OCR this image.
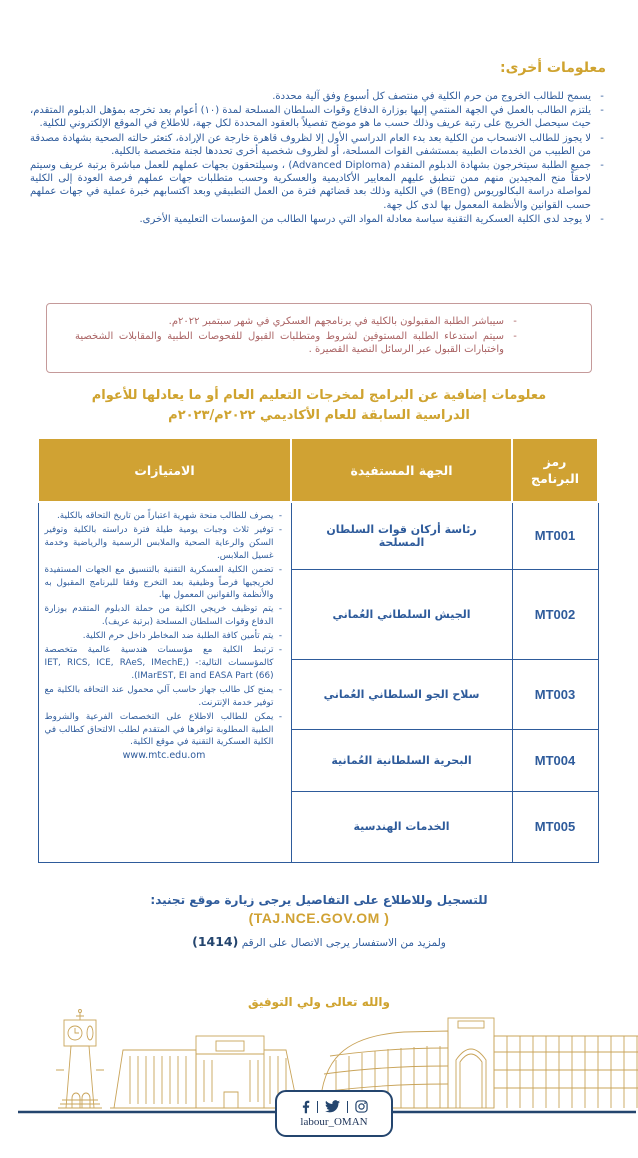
معلومات أخرى:
-

يسمح للطالب الخروج من حرم الكلية في منتصف كل أسبوع وفق آلية محددة.

-

يلتزم الطالب بالعمل في الجهة المنتمي إليها بوزارة الدفاع وقوات السلطان المسلحة لمدة (١٠) أعوام بعد تخرجه بمؤهل الدبلوم المتقدم، حيث سيحصل الخريج على رتبة عريف وذلك حسب ما هو موضح تفصيلاً بالعقود المحددة لكل جهة، للاطلاع في الموقع الإلكتروني للكلية.

-

لا يجوز للطالب الانسحاب من الكلية بعد بدء العام الدراسي الأول إلا لظروف قاهرة خارجة عن الإرادة، كتعثر حالته الصحية بشهادة مصدقة من الطبيب من الخدمات الطبية بمستشفى القوات المسلحة، أو لظروف شخصية أخرى تحددها لجنة متخصصة بالكلية.

-

جميع الطلبة سيتخرجون بشهادة الدبلوم المتقدم (Advanced Diploma) ، وسيلتحقون بجهات عملهم للعمل مباشرة برتبة عريف وسيتم لاحقاً منح المجيدين منهم ممن تنطبق عليهم المعايير الأكاديمية والعسكرية وحسب متطلبات جهات عملهم فرصة العودة إلى الكلية لمواصلة دراسة البكالوريوس (BEng) في الكلية وذلك بعد قضائهم فترة من العمل التطبيقي وبعد اكتسابهم خبرة عملية في جهات عملهم حسب القوانين والأنظمة المعمول بها لدى كل جهة.

-

لا يوجد لدى الكلية العسكرية التقنية سياسة معادلة المواد التي درسها الطالب من المؤسسات التعليمية الأخرى.

-

سيباشر الطلبة المقبولون بالكلية في برنامجهم العسكري في شهر سبتمبر ٢٠٢٢م.

-

سيتم استدعاء الطلبة المستوفين لشروط ومتطلبات القبول للفحوصات الطبية والمقابلات الشخصية واختبارات القبول عبر الرسائل النصية القصيرة .

معلومات إضافية عن البرامج لمخرجات التعليم العام أو ما يعادلها للأعوام
الدراسية السابقة للعام الأكاديمي ٢٠٢٢م/٢٠٢٣م
رمز البرنامج	الجهة المستفيدة	الامتيازات
MT001	رئاسة أركان قوات السلطان المسلحة	
-

يصرف للطالب منحة شهرية اعتباراً من تاريخ التحاقه بالكلية.

-

توفير ثلاث وجبات يومية طيلة فترة دراسته بالكلية وتوفير السكن والرعاية الصحية والملابس الرسمية والرياضية وخدمة غسيل الملابس.

-

تضمن الكلية العسكرية التقنية بالتنسيق مع الجهات المستفيدة لخريجيها فرصاً وظيفية بعد التخرج وفقا للبرنامج المقبول به والأنظمة والقوانين المعمول بها.

-

يتم توظيف خريجي الكلية من حملة الدبلوم المتقدم بوزارة الدفاع وقوات السلطان المسلحة (برتبة عريف).

-

يتم تأمين كافة الطلبة ضد المخاطر داخل حرم الكلية.

-

ترتبط الكلية مع مؤسسات هندسية عالمية متخصصة كالمؤسسات التالية:- (IET, RICS, ICE, RAeS, IMechE, IMarEST, EI and EASA Part (66)).

-

يمنح كل طالب جهاز حاسب آلي محمول عند التحاقه بالكلية مع توفير خدمة الإنترنت.

-

يمكن للطالب الاطلاع على التخصصات الفرعية والشروط الطبية المطلوبة توافرها في المتقدم لطلب الالتحاق كطالب في الكلية العسكرية التقنية في موقع الكلية.

www.mtc.edu.om

MT002	الجيش السلطاني العُماني	
MT003	سلاح الجو السلطاني العُماني	
MT004	البحرية السلطانية العُمانية	
MT005	الخدمات الهندسية	

للتسجيل وللاطلاع على التفاصيل يرجى زيارة موقع تجنيد:

(TAJ.NCE.GOV.OM )

ولمزيد من الاستفسار يرجى الاتصال على الرقم (1414)

والله تعالى ولي التوفيق

labour_OMAN
